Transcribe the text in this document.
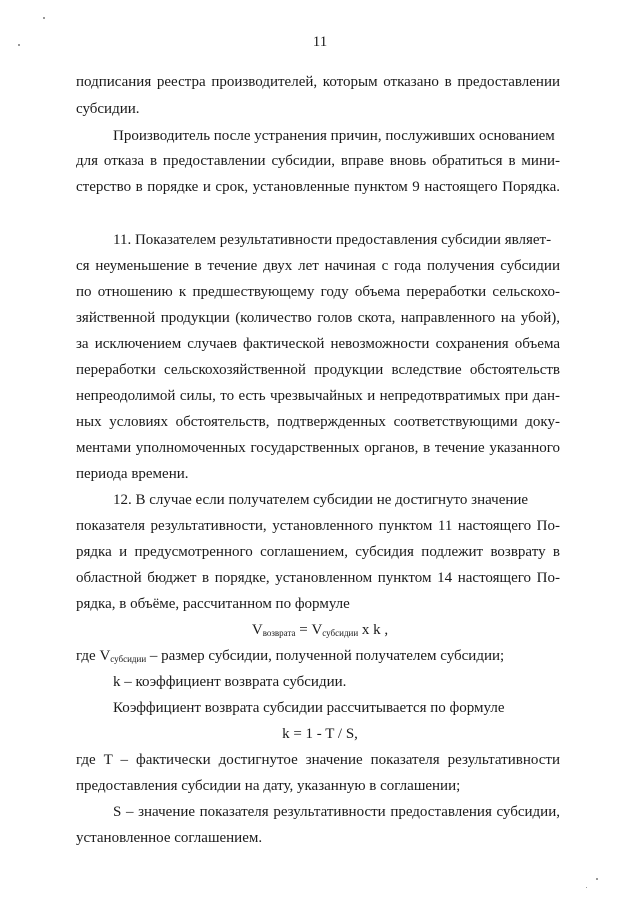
11
подписания реестра производителей, которым отказано в предоставлении
субсидии.
Производитель после устранения причин, послуживших основанием
для отказа в предоставлении субсидии, вправе вновь обратиться в мини-
стерство в порядке и срок, установленные пунктом 9 настоящего Порядка.
11. Показателем результативности предоставления субсидии являет-
ся неуменьшение в течение двух лет начиная с года получения субсидии
по отношению к предшествующему году объема переработки сельскохо-
зяйственной продукции (количество голов скота, направленного на убой),
за исключением случаев фактической невозможности сохранения объема
переработки сельскохозяйственной продукции вследствие обстоятельств
непреодолимой силы, то есть чрезвычайных и непредотвратимых при дан-
ных условиях обстоятельств, подтвержденных соответствующими доку-
ментами уполномоченных государственных органов, в течение указанного
периода времени.
12. В случае если получателем субсидии не достигнуто значение
показателя результативности, установленного пунктом 11 настоящего По-
рядка и предусмотренного соглашением, субсидия подлежит возврату в
областной бюджет в порядке, установленном пунктом 14 настоящего По-
рядка, в объёме, рассчитанном по формуле
$V_{возврата} = V_{субсидии}$ x k ,
где $V_{субсидии}$ – размер субсидии, полученной получателем субсидии;
k – коэффициент возврата субсидии.
Коэффициент возврата субсидии рассчитывается по формуле
k = 1 - T / S,
где T – фактически достигнутое значение показателя результативности
предоставления субсидии на дату, указанную в соглашении;
S – значение показателя результативности предоставления субсидии,
установленное соглашением.
